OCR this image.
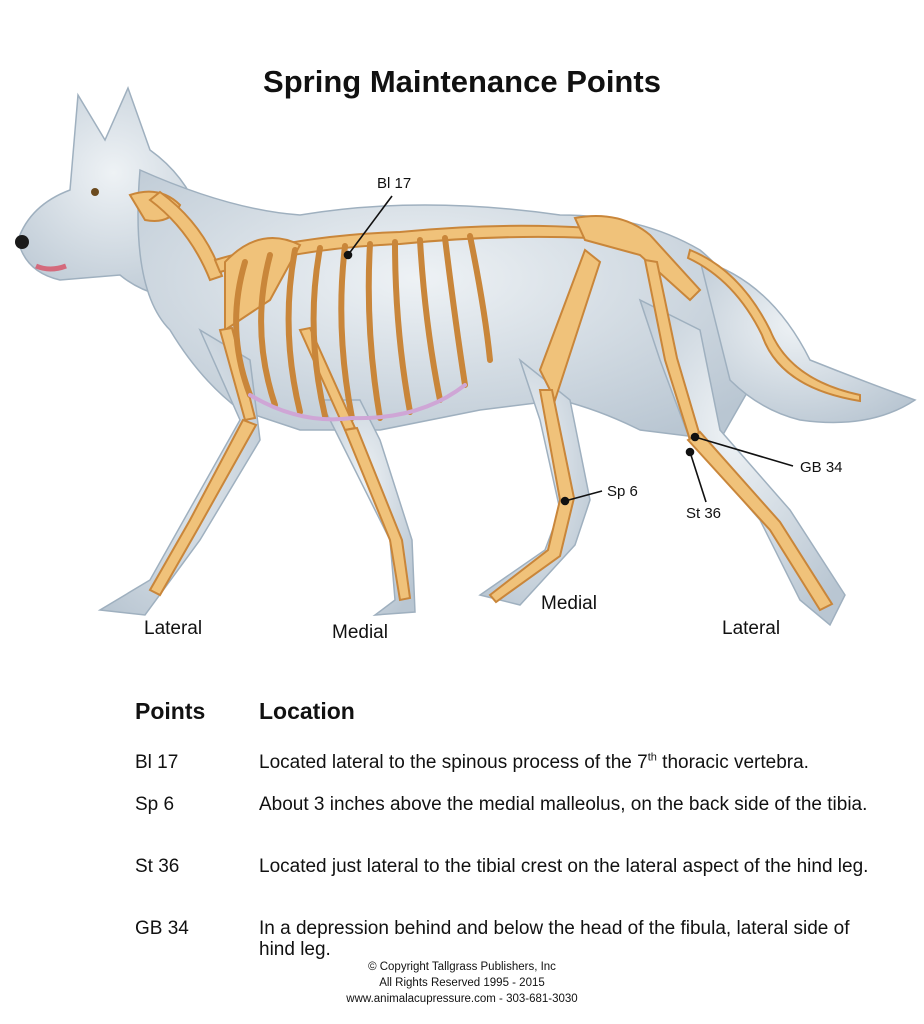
Spring Maintenance Points
Bl 17
Sp 6
GB 34
St 36
Lateral	Medial
Medial
Lateral
Points Location
Bl 17	Located lateral to the spinous process of the 7th thoracic vertebra.
Sp 6	About 3 inches above the medial malleolus, on the back side of the tibia.
St 36	Located just lateral to the tibial crest on the lateral aspect of the hind leg.
GB 34	In a depression behind and below the head of the fibula, lateral side of hind leg.
© Copyright Tallgrass Publishers, Inc
All Rights Reserved 1995 - 2015
www.animalacupressure.com - 303-681-3030
